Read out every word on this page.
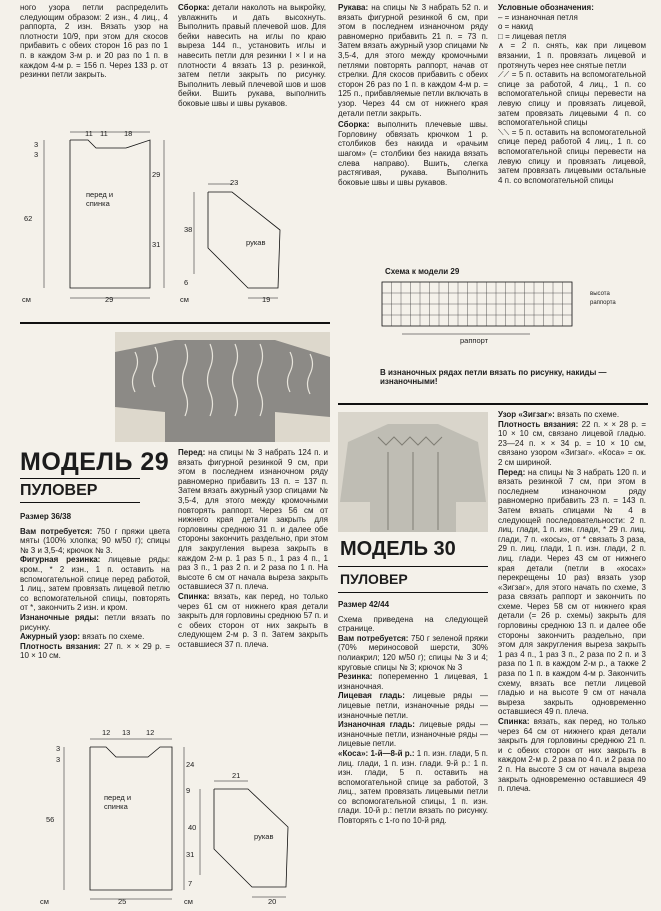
ного узора петли распределить следующим образом: 2 изн., 4 лиц., 4 раппорта, 2 изн. Вязать узор на плотности 10/9, при этом для скосов прибавить с обеих сторон 16 раз по 1 п. в каждом 3-м р. и 20 раз по 1 п. в каждом 4-м р. = 156 п. Через 133 р. от резинки петли закрыть.

11 11 18
3
3
62
29
31
перед и спинка
см	29

Сборка: детали наколоть на выкройку, увлажнить и дать высохнуть. Выполнить правый плечевой шов. Для бейки навесить на иглы по краю выреза 144 п., установить иглы и навесить петли для резинки I × I и на плотности 4 вязать 13 р. резинкой, затем петли закрыть по рисунку. Выполнить левый плечевой шов и шов бейки. Вшить рукава, выполнить боковые швы и швы рукавов.

23
38
6
рукав
см	19

Рукава: на спицы № 3 набрать 52 п. и вязать фигурной резинкой 6 см, при этом в последнем изнаночном ряду равномерно прибавить 21 п. = 73 п. Затем вязать ажурный узор спицами № 3,5-4, для этого между кромочными петлями повторять раппорт, начав от стрелки. Для скосов прибавить с обеих сторон 26 раз по 1 п. в каждом 4-м р. = 125 п., прибавляемые петли включать в узор. Через 44 см от нижнего края детали петли закрыть.

Сборка: выполнить плечевые швы. Горловину обвязать крючком 1 р. столбиков без накида и «рачьим шагом» (= столбики без накида вязать слева направо). Вшить, слегка растягивая, рукава. Выполнить боковые швы и швы рукавов.

Условные обозначения:

– = изнаночная петля

o = накид

□ = лицевая петля

∧ = 2 п. снять, как при лицевом вязании, 1 п. провязать лицевой и протянуть через нее снятые петли

⟋⟋ = 5 п. оставить на вспомогательной спице за работой, 4 лиц., 1 п. со вспомогательной спицы перевести на левую спицу и провязать лицевой, затем провязать лицевыми 4 п. со вспомогательной спицы

⟍⟍ = 5 п. оставить на вспомогательной спице перед работой 4 лиц., 1 п. со вспомогательной спицы перевести на левую спицу и провязать лицевой, затем провязать лицевыми остальные 4 п. со вспомогательной спицы

Схема к модели 29
раппорт
высота раппорта
В изнаночных рядах петли вязать по рисунку, накиды — изнаночными!
МОДЕЛЬ 29
ПУЛОВЕР

Размер 36/38

Вам потребуется: 750 г пряжи цвета мяты (100% хлопка; 90 м/50 г); спицы № 3 и 3,5-4; крючок № 3.

Фигурная резинка: лицевые ряды: кром., * 2 изн., 1 п. оставить на вспомогательной спице перед работой, 1 лиц., затем провязать лицевой петлю со вспомогательной спицы, повторять от *, закончить 2 изн. и кром.

Изнаночные ряды: петли вязать по рисунку.

Ажурный узор: вязать по схеме.

Плотность вязания: 27 п. × × 29 р. = 10 × 10 см.

Перед: на спицы № 3 набрать 124 п. и вязать фигурной резинкой 9 см, при этом в последнем изнаночном ряду равномерно прибавить 13 п. = 137 п. Затем вязать ажурный узор спицами № 3,5-4, для этого между кромочными повторять раппорт. Через 56 см от нижнего края детали закрыть для горловины среднюю 31 п. и далее обе стороны закончить раздельно, при этом для закругления выреза закрыть в каждом 2-м р. 1 раз 5 п., 1 раз 4 п., 1 раз 3 п., 1 раз 2 п. и 2 раза по 1 п. На высоте 6 см от начала выреза закрыть оставшиеся 37 п. плеча.

Спинка: вязать, как перед, но только через 61 см от нижнего края детали закрыть для горловины среднюю 57 п. и с обеих сторон от них закрыть в следующем 2-м р. 3 п. Затем закрыть оставшиеся 37 п. плеча.

12 13 12
3
3
56
24
9
31
перед и спинка
см	25
21
40
7
рукав
см	20
МОДЕЛЬ 30
ПУЛОВЕР

Размер 42/44

Схема приведена на следующей странице.

Вам потребуется: 750 г зеленой пряжи (70% мериносовой шерсти, 30% полиакрил; 120 м/50 г); спицы № 3 и 4; круговые спицы № 3; крючок № 3

Резинка: попеременно 1 лицевая, 1 изнаночная.

Лицевая гладь: лицевые ряды — лицевые петли, изнаночные ряды — изнаночные петли.

Изнаночная гладь: лицевые ряды — изнаночные петли, изнаночные ряды — лицевые петли.

«Коса»: 1-й—8-й р.: 1 п. изн. глади, 5 п. лиц. глади, 1 п. изн. глади. 9-й р.: 1 п. изн. глади, 5 п. оставить на вспомогательной спице за работой, 3 лиц., затем провязать лицевыми петли со вспомогательной спицы, 1 п. изн. глади. 10-й р.: петли вязать по рисунку. Повторять с 1-го по 10-й ряд.

Узор «Зигзаг»: вязать по схеме.

Плотность вязания: 22 п. × × 28 р. = 10 × 10 см, связано лицевой гладью. 23—24 п. × × 34 р. = 10 × 10 см, связано узором «Зигзаг». «Коса» = ок. 2 см шириной.

Перед: на спицы № 3 набрать 120 п. и вязать резинкой 7 см, при этом в последнем изнаночном ряду равномерно прибавить 23 п. = 143 п. Затем вязать спицами № 4 в следующей последовательности: 2 п. лиц. глади, 1 п. изн. глади, * 29 п. лиц. глади, 7 п. «косы», от * связать 3 раза, 29 п. лиц. глади, 1 п. изн. глади, 2 п. лиц. глади. Через 43 см от нижнего края детали (петли в «косах» перекрещены 10 раз) вязать узор «Зигзаг», для этого начать по схеме, 3 раза связать раппорт и закончить по схеме. Через 58 см от нижнего края детали (= 26 р. схемы) закрыть для горловины среднюю 13 п. и далее обе стороны закончить раздельно, при этом для закругления выреза закрыть 1 раз 4 п., 1 раз 3 п., 2 раза по 2 п. и 3 раза по 1 п. в каждом 2-м р., а также 2 раза по 1 п. в каждом 4-м р. Закончить схему, вязать все петли лицевой гладью и на высоте 9 см от начала выреза закрыть одновременно оставшиеся 49 п. плеча.

Спинка: вязать, как перед, но только через 64 см от нижнего края детали закрыть для горловины среднюю 21 п. и с обеих сторон от них закрыть в каждом 2-м р. 2 раза по 4 п. и 2 раза по 2 п. На высоте 3 см от начала выреза закрыть одновременно оставшиеся 49 п. плеча.
